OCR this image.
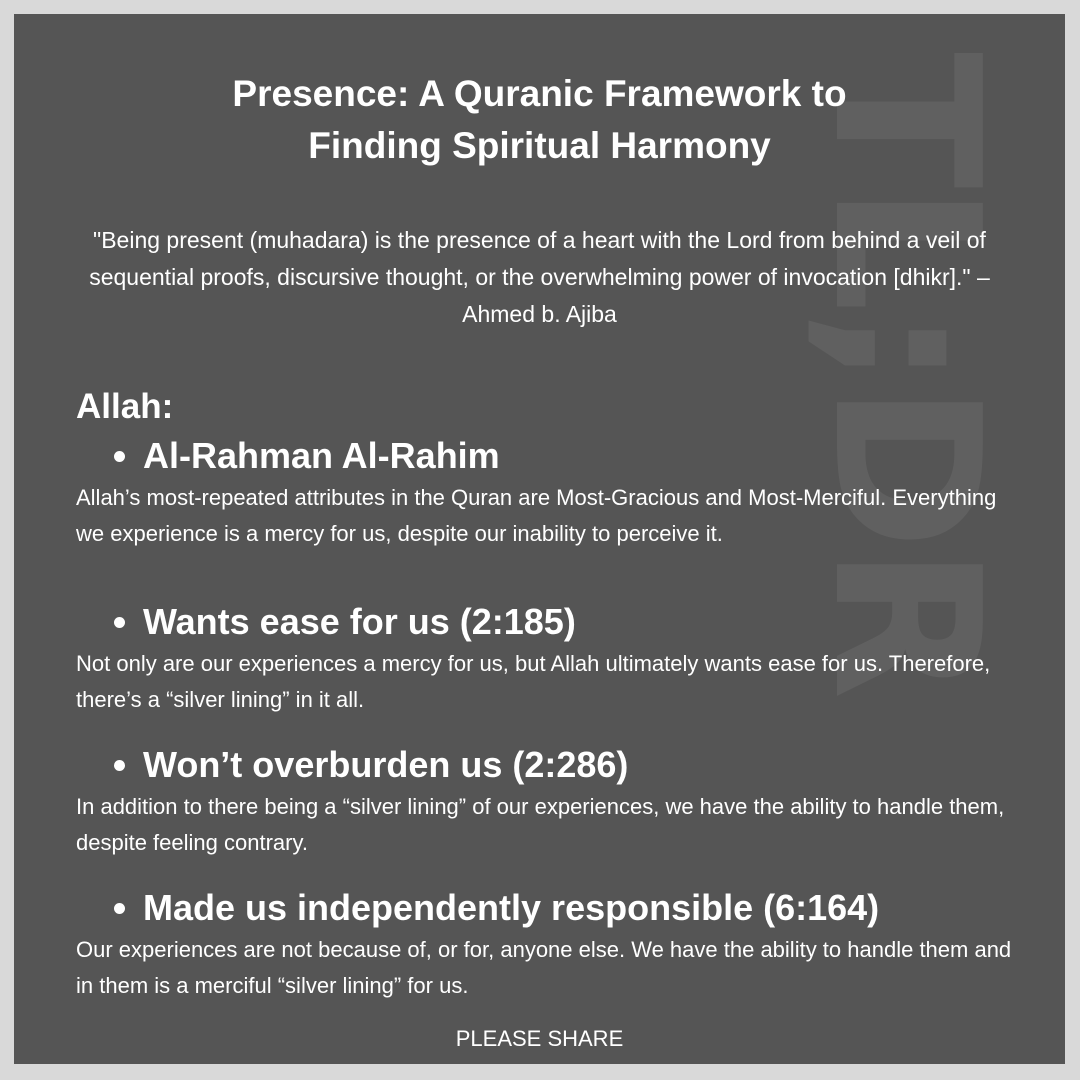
TL;DR
Presence: A Quranic Framework to
Finding Spiritual Harmony
"Being present (muhadara) is the presence of a heart with the Lord from behind a veil of sequential proofs, discursive thought, or the overwhelming power of invocation [dhikr]." – Ahmed b. Ajiba
Allah:
Al-Rahman Al-Rahim
Allah’s most-repeated attributes in the Quran are Most-Gracious and Most-Merciful. Everything we experience is a mercy for us, despite our inability to perceive it.
Wants ease for us (2:185)
Not only are our experiences a mercy for us, but Allah ultimately wants ease for us. Therefore, there’s a “silver lining” in it all.
Won’t overburden us (2:286)
In addition to there being a “silver lining” of our experiences, we have the ability to handle them, despite feeling contrary.
Made us independently responsible (6:164)
Our experiences are not because of, or for, anyone else. We have the ability to handle them and in them is a merciful “silver lining” for us.
PLEASE SHARE
